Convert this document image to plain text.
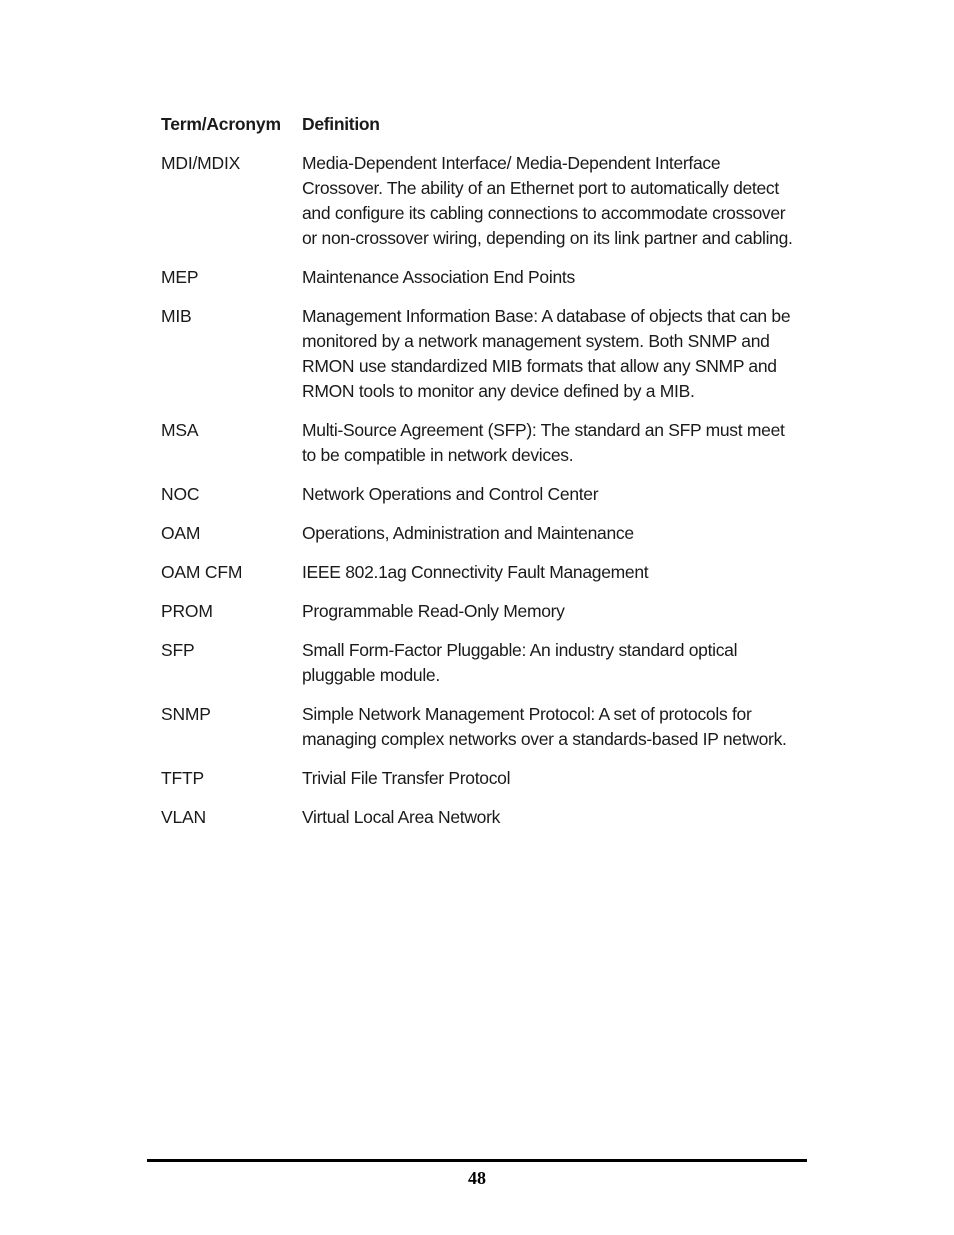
Term/Acronym	Definition
MDI/MDIX	Media-Dependent Interface/ Media-Dependent Interface Crossover. The ability of an Ethernet port to automatically detect and configure its cabling connections to accommodate crossover or non-crossover wiring, depending on its link partner and cabling.
MEP	Maintenance Association End Points
MIB	Management Information Base: A database of objects that can be monitored by a network management system. Both SNMP and RMON use standardized MIB formats that allow any SNMP and RMON tools to monitor any device defined by a MIB.
MSA	Multi-Source Agreement (SFP): The standard an SFP must meet to be compatible in network devices.
NOC	Network Operations and Control Center
OAM	Operations, Administration and Maintenance
OAM CFM	IEEE 802.1ag Connectivity Fault Management
PROM	Programmable Read-Only Memory
SFP	Small Form-Factor Pluggable: An industry standard optical pluggable module.
SNMP	Simple Network Management Protocol: A set of protocols for managing complex networks over a standards-based IP network.
TFTP	Trivial File Transfer Protocol
VLAN	Virtual Local Area Network
48
